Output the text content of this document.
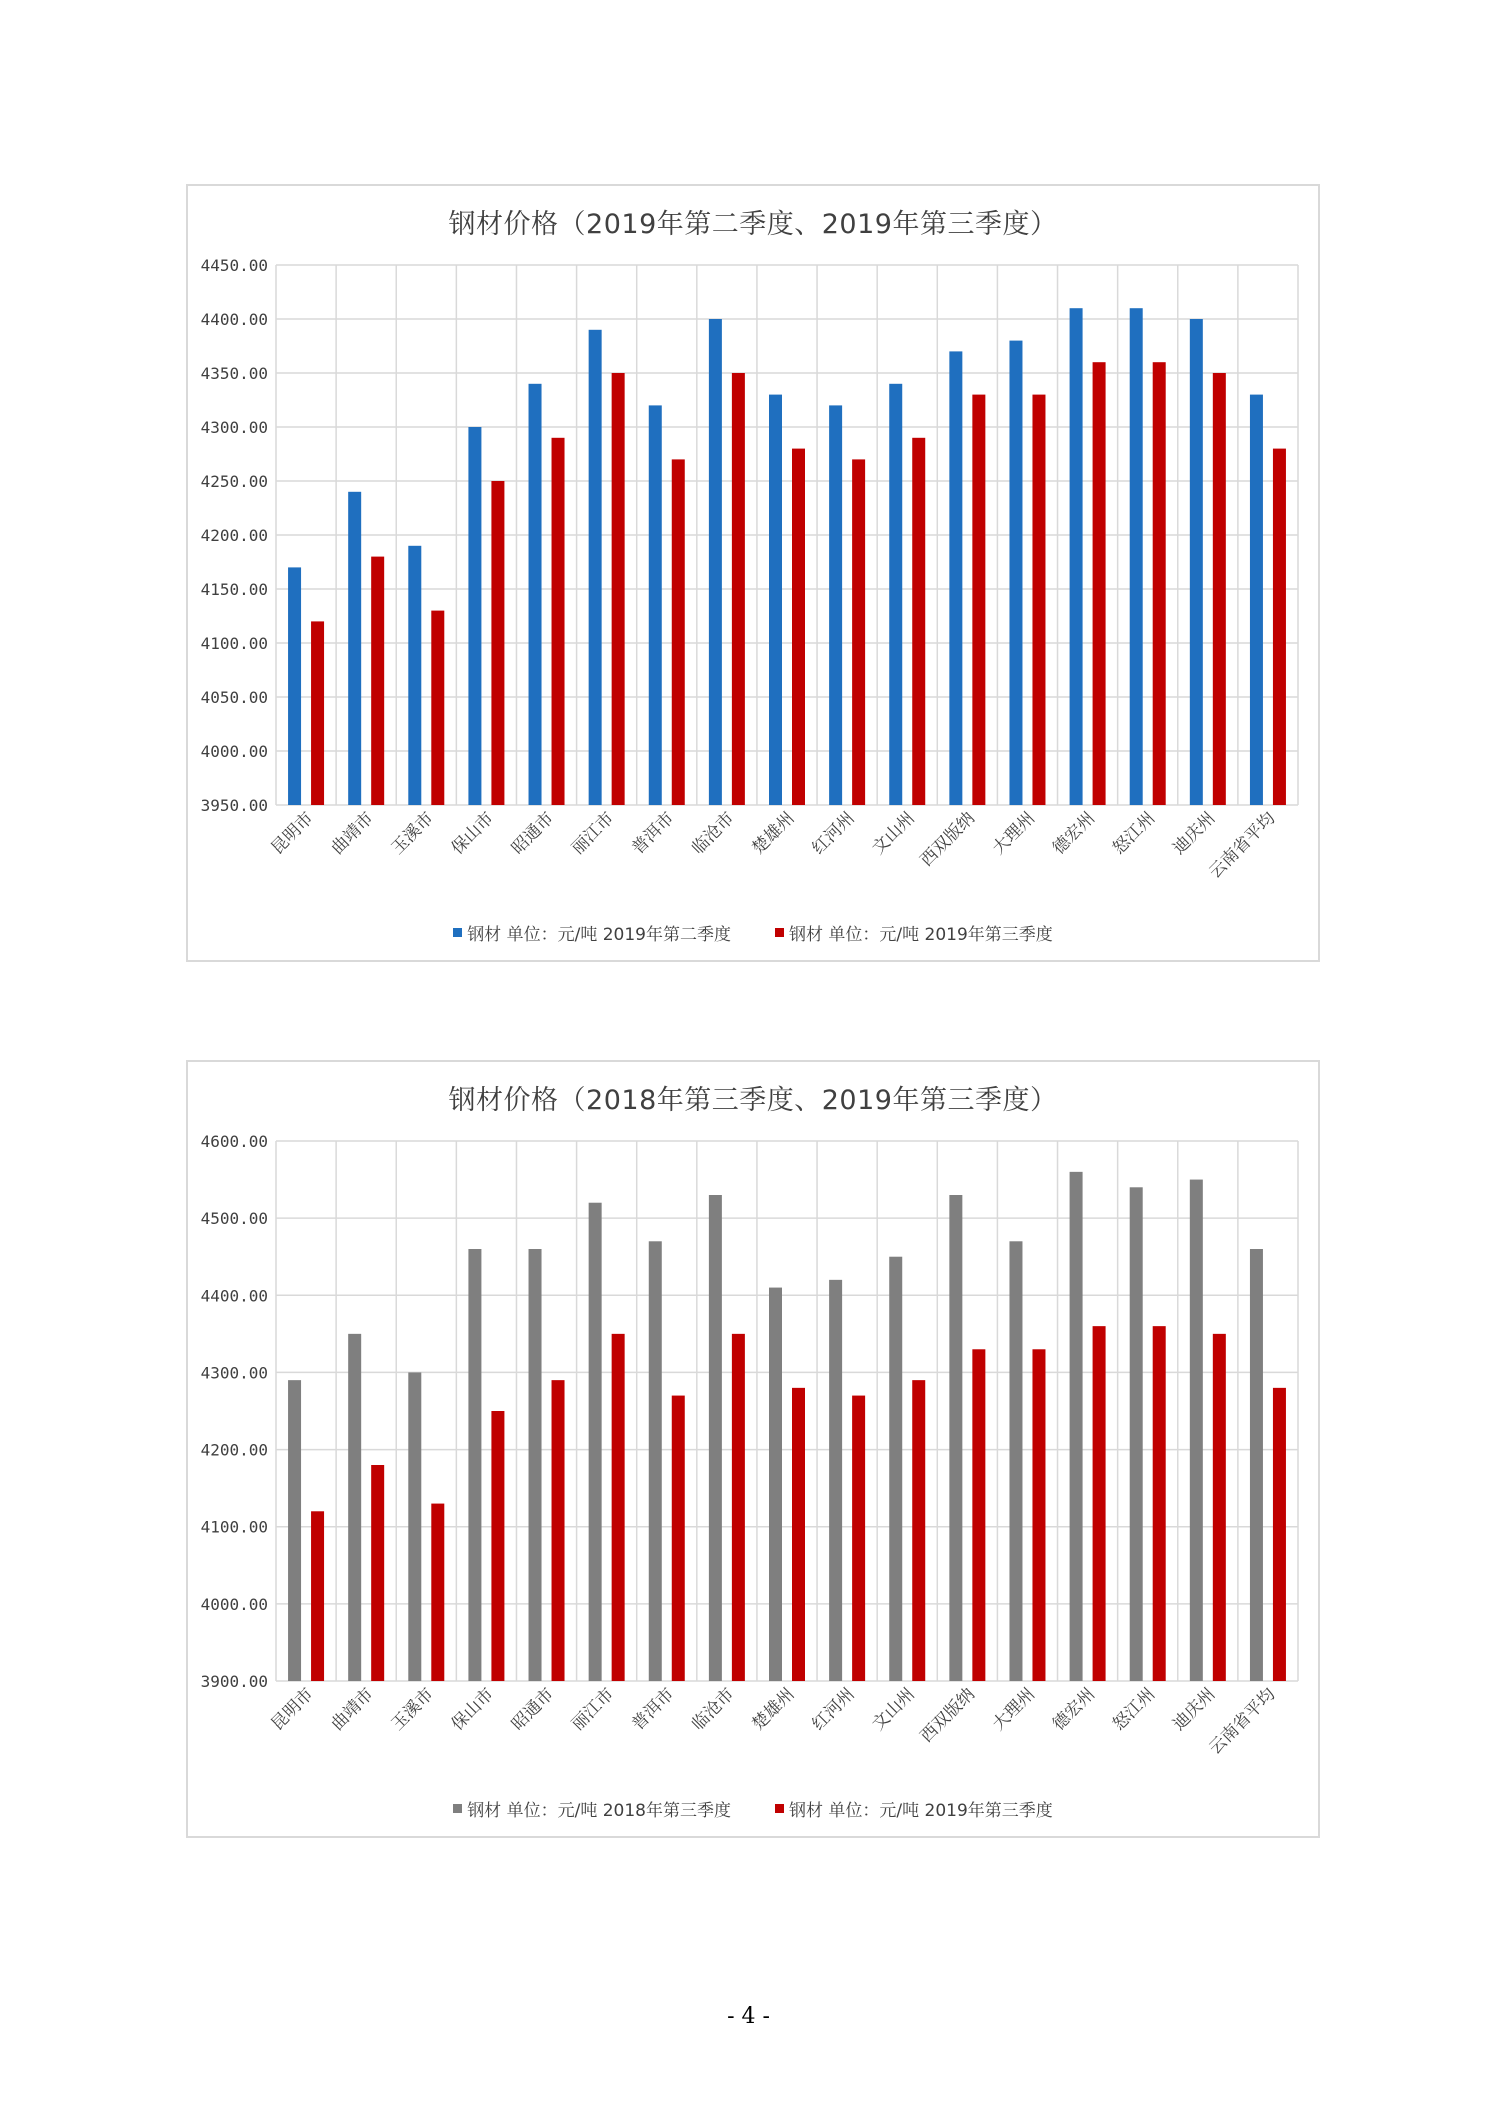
钢材价格（2019年第二季度、2019年第三季度）
3950.00
4000.00
4050.00
4100.00
4150.00
4200.00
4250.00
4300.00
4350.00
4400.00
4450.00
昆明市 曲靖市 玉溪市 保山市 昭通市 丽江市 普洱市 临沧市 楚雄州 红河州 文山州
西双版纳 大理州 德宏州 怒江州 迪庆州
云南省平均
钢材 单位：元/吨 2019年第二季度	钢材 单位：元/吨 2019年第三季度
钢材价格（2018年第三季度、2019年第三季度）
3900.00
4000.00
4100.00
4200.00
4300.00
4400.00
4500.00
4600.00
昆明市 曲靖市 玉溪市 保山市 昭通市 丽江市 普洱市 临沧市 楚雄州 红河州 文山州
西双版纳 大理州 德宏州 怒江州 迪庆州
云南省平均
钢材 单位：元/吨 2018年第三季度	钢材 单位：元/吨 2019年第三季度
- 4 -
